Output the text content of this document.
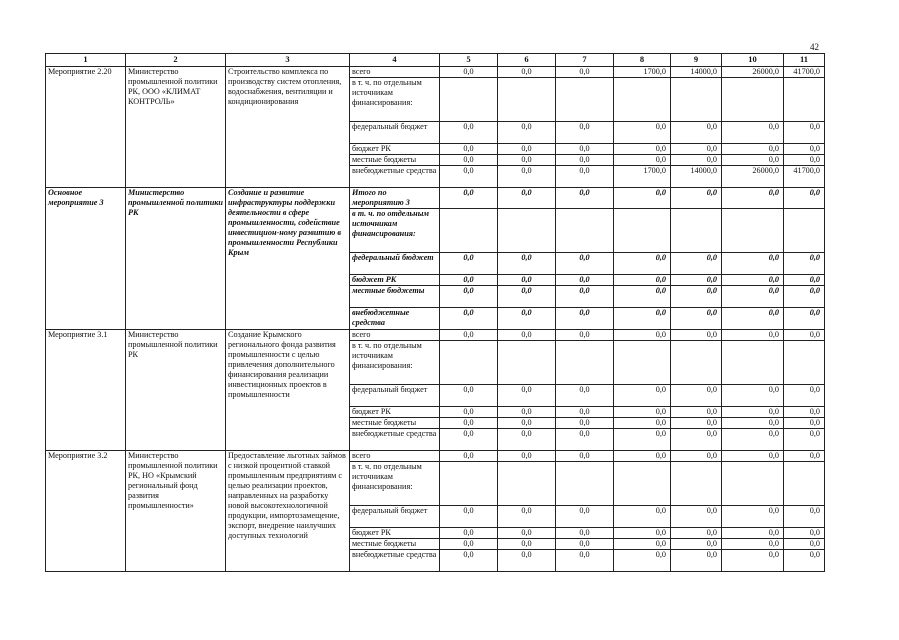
42
1	2	3	4	5	6	7	8	9	10	11
Мероприятие 2.20	Министерство промышленной политики РК, ООО «КЛИМАТ КОНТРОЛЬ»	Строительство комплекса по производству систем отопления, водоснабжения, вентиляции и кондиционирования	всего	0,0	0,0	0,0	1700,0	14000,0	26000,0	41700,0
			в т. ч. по отдельным источникам финансирования:							
			федеральный бюджет	0,0	0,0	0,0	0,0	0,0	0,0	0,0
			бюджет РК	0,0	0,0	0,0	0,0	0,0	0,0	0,0
			местные бюджеты	0,0	0,0	0,0	0,0	0,0	0,0	0,0
			внебюджетные средства	0,0	0,0	0,0	1700,0	14000,0	26000,0	41700,0
Основное мероприятие 3	Министерство промышленной политики РК	Создание и развитие инфраструктуры поддержки деятельности в сфере промышленности, содействие инвестицион-ному развитию в промышленности Республики Крым	Итого по мероприятию 3	0,0	0,0	0,0	0,0	0,0	0,0	0,0
			в т. ч. по отдельным источникам финансирования:							
			федеральный бюджет	0,0	0,0	0,0	0,0	0,0	0,0	0,0
			бюджет РК	0,0	0,0	0,0	0,0	0,0	0,0	0,0
			местные бюджеты	0,0	0,0	0,0	0,0	0,0	0,0	0,0
			внебюджетные средства	0,0	0,0	0,0	0,0	0,0	0,0	0,0
Мероприятие 3.1	Министерство промышленной политики РК	Создание Крымского регионального фонда развития промышленности с целью привлечения дополнительного финансирования реализации инвестиционных проектов в промышленности	всего	0,0	0,0	0,0	0,0	0,0	0,0	0,0
			в т. ч. по отдельным источникам финансирования:							
			федеральный бюджет	0,0	0,0	0,0	0,0	0,0	0,0	0,0
			бюджет РК	0,0	0,0	0,0	0,0	0,0	0,0	0,0
			местные бюджеты	0,0	0,0	0,0	0,0	0,0	0,0	0,0
			внебюджетные средства	0,0	0,0	0,0	0,0	0,0	0,0	0,0
Мероприятие 3.2	Министерство промышленной политики РК, НО «Крымский региональный фонд развития промышленности»	Предоставление льготных займов с низкой процентной ставкой промышленным предприятиям с целью реализации проектов, направленных на разработку новой высокотехнологичной продукции, импортозамещение, экспорт, внедрение наилучших доступных технологий	всего	0,0	0,0	0,0	0,0	0,0	0,0	0,0
			в т. ч. по отдельным источникам финансирования:							
			федеральный бюджет	0,0	0,0	0,0	0,0	0,0	0,0	0,0
			бюджет РК	0,0	0,0	0,0	0,0	0,0	0,0	0,0
			местные бюджеты	0,0	0,0	0,0	0,0	0,0	0,0	0,0
			внебюджетные средства	0,0	0,0	0,0	0,0	0,0	0,0	0,0
